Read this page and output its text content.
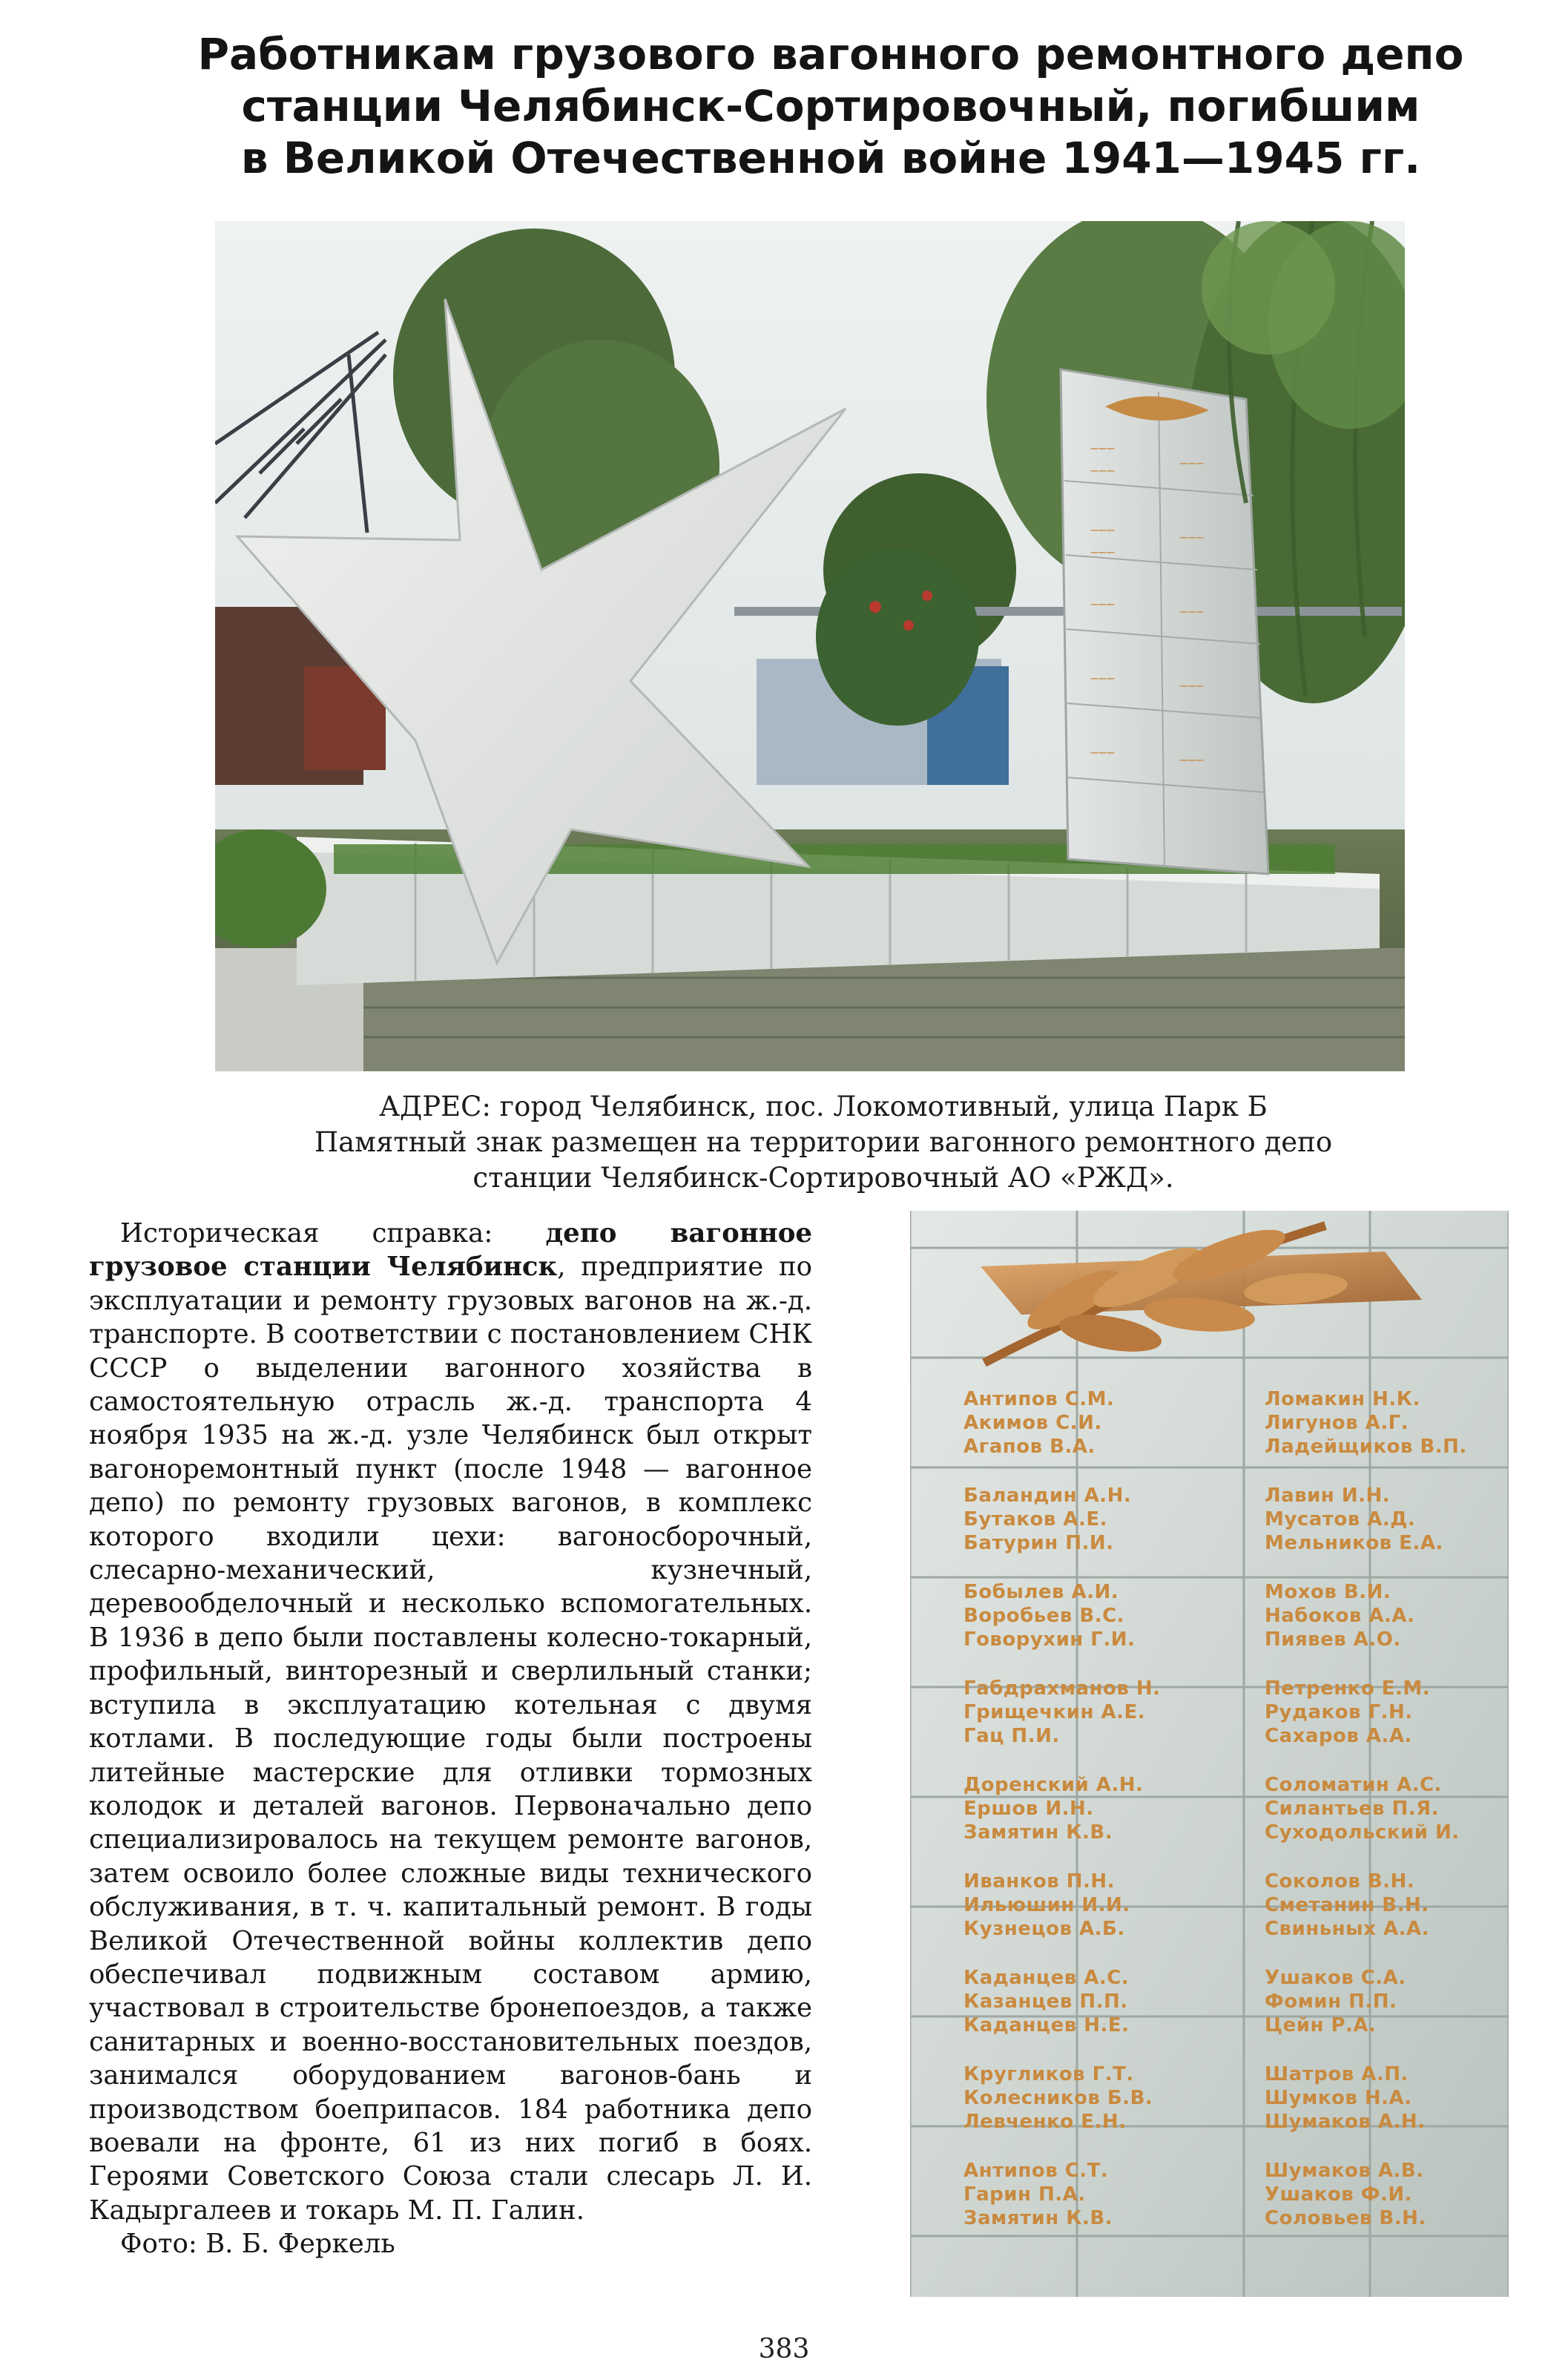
Работникам грузового вагонного ремонтного депо
станции Челябинск-Сортировочный, погибшим
в Великой Отечественной войне 1941—1945 гг.
———
———
———
———
———
———
———
———
———
———
———
———
АДРЕС: город Челябинск, пос. Локомотивный, улица Парк Б
Памятный знак размещен на территории вагонного ремонтного депо
станции Челябинск-Сортировочный АО «РЖД».
Историческая справка: депо вагонное грузовое станции Челябинск, предприятие по эксплуатации и ремонту грузовых вагонов на ж.-д. транспорте. В соответствии с постановлением СНК СССР о выделении вагонного хозяйства в самостоятельную отрасль ж.-д. транспорта 4 ноября 1935 на ж.-д. узле Челябинск был открыт вагоноремонтный пункт (после 1948 — вагонное депо) по ремонту грузовых вагонов, в комплекс которого входили цехи: вагоносборочный, слесарно-механический, кузнечный, деревообделочный и несколько вспомогательных. В 1936 в депо были поставлены колесно-токарный, профильный, винторезный и сверлильный станки; вступила в эксплуатацию котельная с двумя котлами. В последующие годы были построены литейные мастерские для отливки тормозных колодок и деталей вагонов. Первоначально депо специализировалось на текущем ремонте вагонов, затем освоило более сложные виды технического обслуживания, в т. ч. капитальный ремонт. В годы Великой Отечественной войны коллектив депо обеспечивал подвижным составом армию, участвовал в строительстве бронепоездов, а также санитарных и военно-восстановительных поездов, занимался оборудованием вагонов-бань и производством боеприпасов. 184 работника депо воевали на фронте, 61 из них погиб в боях. Героями Советского Союза стали слесарь Л. И. Кадыргалеев и токарь М. П. Галин.
Фото: В. Б. Феркель
Антипов С.М.
Акимов С.И.
Агапов В.А.
Баландин А.Н.
Бутаков А.Е.
Батурин П.И.
Бобылев А.И.
Воробьев В.С.
Говорухин Г.И.
Габдрахманов Н.
Грищечкин А.Е.
Гац П.И.
Доренский А.Н.
Ершов И.Н.
Замятин К.В.
Иванков П.Н.
Ильюшин И.И.
Кузнецов А.Б.
Каданцев А.С.
Казанцев П.П.
Каданцев Н.Е.
Кругликов Г.Т.
Колесников Б.В.
Левченко Е.Н.
Антипов С.Т.
Гарин П.А.
Замятин К.В.
Ломакин Н.К.
Лигунов А.Г.
Ладейщиков В.П.
Лавин И.Н.
Мусатов А.Д.
Мельников Е.А.
Мохов В.И.
Набоков А.А.
Пиявев А.О.
Петренко Е.М.
Рудаков Г.Н.
Сахаров А.А.
Соломатин А.С.
Силантьев П.Я.
Суходольский И.
Соколов В.Н.
Сметанин В.Н.
Свиньных А.А.
Ушаков С.А.
Фомин П.П.
Цейн Р.А.
Шатров А.П.
Шумков Н.А.
Шумаков А.Н.
Шумаков А.В.
Ушаков Ф.И.
Соловьев В.Н.
383
